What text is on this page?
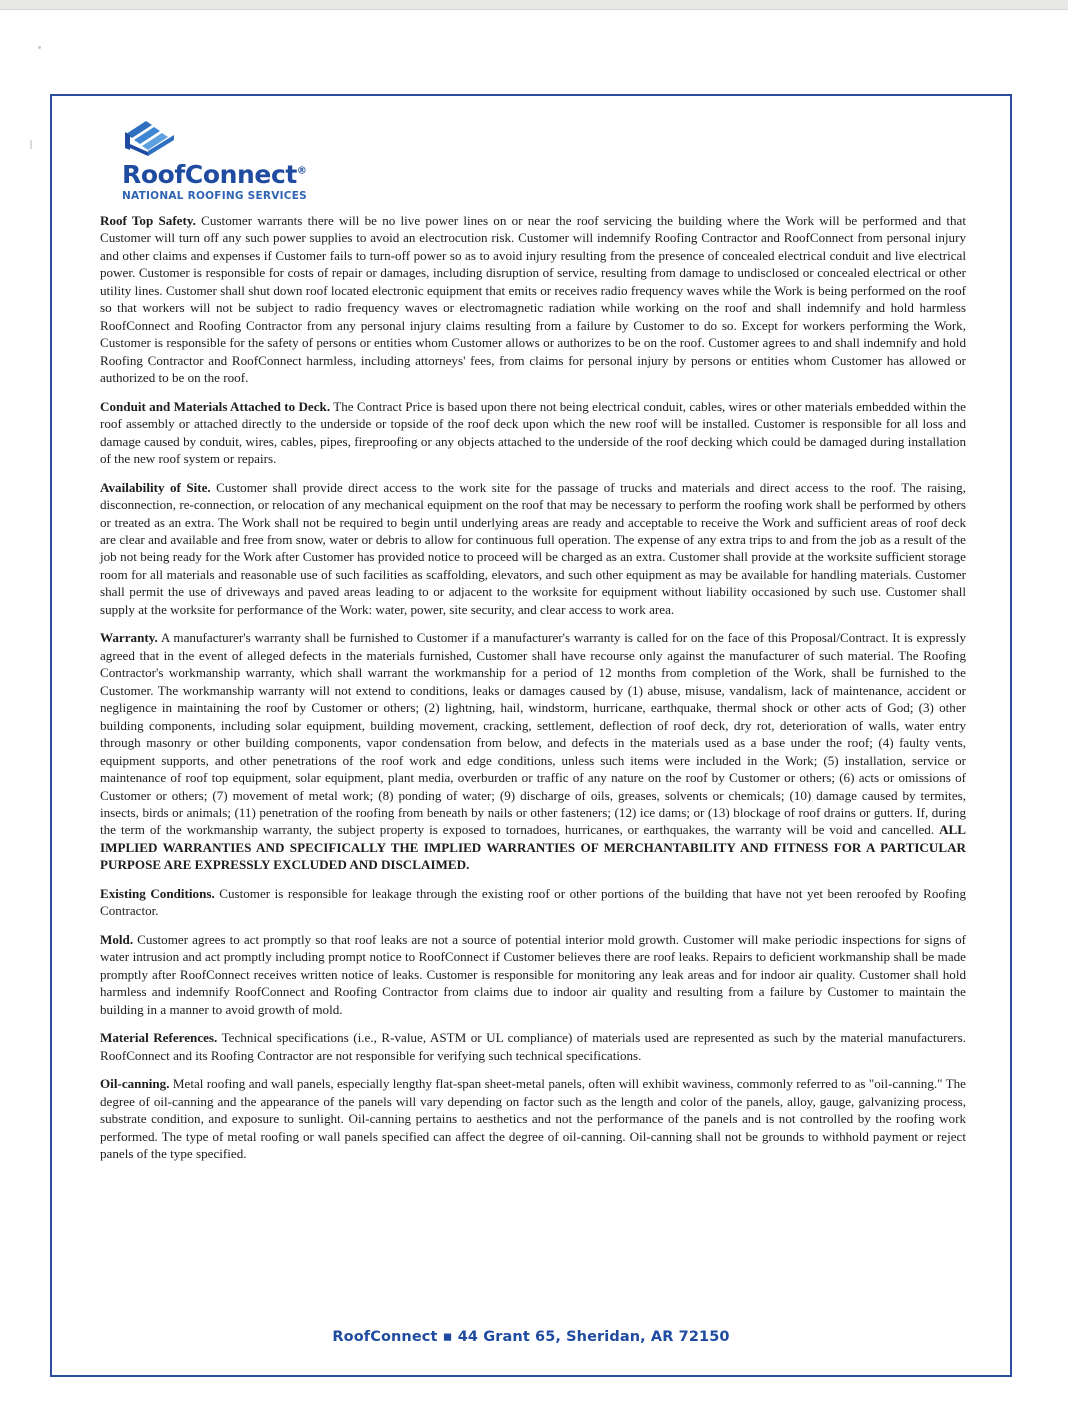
RoofConnect®
NATIONAL ROOFING SERVICES

Roof Top Safety. Customer warrants there will be no live power lines on or near the roof servicing the building where the Work will be performed and that Customer will turn off any such power supplies to avoid an electrocution risk. Customer will indemnify Roofing Contractor and RoofConnect from personal injury and other claims and expenses if Customer fails to turn-off power so as to avoid injury resulting from the presence of concealed electrical conduit and live electrical power. Customer is responsible for costs of repair or damages, including disruption of service, resulting from damage to undisclosed or concealed electrical or other utility lines. Customer shall shut down roof located electronic equipment that emits or receives radio frequency waves while the Work is being performed on the roof so that workers will not be subject to radio frequency waves or electromagnetic radiation while working on the roof and shall indemnify and hold harmless RoofConnect and Roofing Contractor from any personal injury claims resulting from a failure by Customer to do so. Except for workers performing the Work, Customer is responsible for the safety of persons or entities whom Customer allows or authorizes to be on the roof. Customer agrees to and shall indemnify and hold Roofing Contractor and RoofConnect harmless, including attorneys' fees, from claims for personal injury by persons or entities whom Customer has allowed or authorized to be on the roof.

Conduit and Materials Attached to Deck. The Contract Price is based upon there not being electrical conduit, cables, wires or other materials embedded within the roof assembly or attached directly to the underside or topside of the roof deck upon which the new roof will be installed. Customer is responsible for all loss and damage caused by conduit, wires, cables, pipes, fireproofing or any objects attached to the underside of the roof decking which could be damaged during installation of the new roof system or repairs.

Availability of Site. Customer shall provide direct access to the work site for the passage of trucks and materials and direct access to the roof. The raising, disconnection, re-connection, or relocation of any mechanical equipment on the roof that may be necessary to perform the roofing work shall be performed by others or treated as an extra. The Work shall not be required to begin until underlying areas are ready and acceptable to receive the Work and sufficient areas of roof deck are clear and available and free from snow, water or debris to allow for continuous full operation. The expense of any extra trips to and from the job as a result of the job not being ready for the Work after Customer has provided notice to proceed will be charged as an extra. Customer shall provide at the worksite sufficient storage room for all materials and reasonable use of such facilities as scaffolding, elevators, and such other equipment as may be available for handling materials. Customer shall permit the use of driveways and paved areas leading to or adjacent to the worksite for equipment without liability occasioned by such use. Customer shall supply at the worksite for performance of the Work: water, power, site security, and clear access to work area.

Warranty. A manufacturer's warranty shall be furnished to Customer if a manufacturer's warranty is called for on the face of this Proposal/Contract. It is expressly agreed that in the event of alleged defects in the materials furnished, Customer shall have recourse only against the manufacturer of such material. The Roofing Contractor's workmanship warranty, which shall warrant the workmanship for a period of 12 months from completion of the Work, shall be furnished to the Customer. The workmanship warranty will not extend to conditions, leaks or damages caused by (1) abuse, misuse, vandalism, lack of maintenance, accident or negligence in maintaining the roof by Customer or others; (2) lightning, hail, windstorm, hurricane, earthquake, thermal shock or other acts of God; (3) other building components, including solar equipment, building movement, cracking, settlement, deflection of roof deck, dry rot, deterioration of walls, water entry through masonry or other building components, vapor condensation from below, and defects in the materials used as a base under the roof; (4) faulty vents, equipment supports, and other penetrations of the roof work and edge conditions, unless such items were included in the Work; (5) installation, service or maintenance of roof top equipment, solar equipment, plant media, overburden or traffic of any nature on the roof by Customer or others; (6) acts or omissions of Customer or others; (7) movement of metal work; (8) ponding of water; (9) discharge of oils, greases, solvents or chemicals; (10) damage caused by termites, insects, birds or animals; (11) penetration of the roofing from beneath by nails or other fasteners; (12) ice dams; or (13) blockage of roof drains or gutters. If, during the term of the workmanship warranty, the subject property is exposed to tornadoes, hurricanes, or earthquakes, the warranty will be void and cancelled. ALL IMPLIED WARRANTIES AND SPECIFICALLY THE IMPLIED WARRANTIES OF MERCHANTABILITY AND FITNESS FOR A PARTICULAR PURPOSE ARE EXPRESSLY EXCLUDED AND DISCLAIMED.

Existing Conditions. Customer is responsible for leakage through the existing roof or other portions of the building that have not yet been reroofed by Roofing Contractor.

Mold. Customer agrees to act promptly so that roof leaks are not a source of potential interior mold growth. Customer will make periodic inspections for signs of water intrusion and act promptly including prompt notice to RoofConnect if Customer believes there are roof leaks. Repairs to deficient workmanship shall be made promptly after RoofConnect receives written notice of leaks. Customer is responsible for monitoring any leak areas and for indoor air quality. Customer shall hold harmless and indemnify RoofConnect and Roofing Contractor from claims due to indoor air quality and resulting from a failure by Customer to maintain the building in a manner to avoid growth of mold.

Material References. Technical specifications (i.e., R-value, ASTM or UL compliance) of materials used are represented as such by the material manufacturers. RoofConnect and its Roofing Contractor are not responsible for verifying such technical specifications.

Oil-canning. Metal roofing and wall panels, especially lengthy flat-span sheet-metal panels, often will exhibit waviness, commonly referred to as "oil-canning." The degree of oil-canning and the appearance of the panels will vary depending on factor such as the length and color of the panels, alloy, gauge, galvanizing process, substrate condition, and exposure to sunlight. Oil-canning pertains to aesthetics and not the performance of the panels and is not controlled by the roofing work performed. The type of metal roofing or wall panels specified can affect the degree of oil-canning. Oil-canning shall not be grounds to withhold payment or reject panels of the type specified.

RoofConnect ▪ 44 Grant 65, Sheridan, AR 72150
